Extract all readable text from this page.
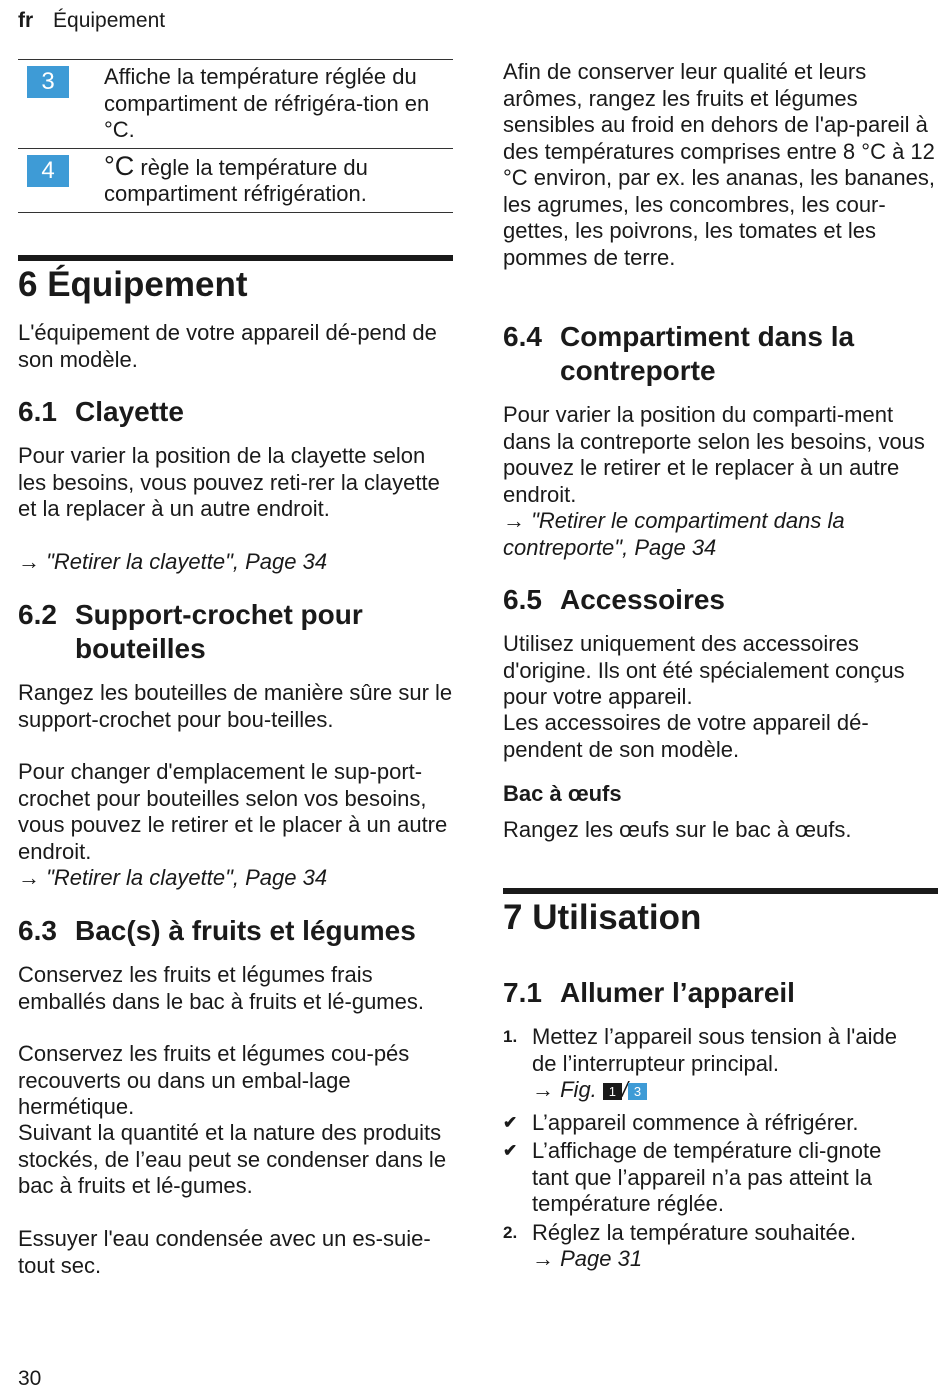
fr Équipement
3	Affiche la température réglée du compartiment de réfrigéra-tion en °C.
4	°C règle la température du compartiment réfrigération.
6 Équipement

L'équipement de votre appareil dé-pend de son modèle.

6.1 Clayette

Pour varier la position de la clayette selon les besoins, vous pouvez reti-rer la clayette et la replacer à un autre endroit.

→ "Retirer la clayette", Page 34

6.2 Support-crochet pour bouteilles

Rangez les bouteilles de manière sûre sur le support-crochet pour bou-teilles.

Pour changer d'emplacement le sup-port-crochet pour bouteilles selon vos besoins, vous pouvez le retirer et le placer à un autre endroit.

→ "Retirer la clayette", Page 34

6.3 Bac(s) à fruits et légumes

Conservez les fruits et légumes frais emballés dans le bac à fruits et lé-gumes.

Conservez les fruits et légumes cou-pés recouverts ou dans un embal-lage hermétique.

Suivant la quantité et la nature des produits stockés, de l’eau peut se condenser dans le bac à fruits et lé-gumes.

Essuyer l'eau condensée avec un es-suie-tout sec.

Afin de conserver leur qualité et leurs arômes, rangez les fruits et légumes sensibles au froid en dehors de l'ap-pareil à des températures comprises entre 8 °C à 12 °C environ, par ex. les ananas, les bananes, les agrumes, les concombres, les cour-gettes, les poivrons, les tomates et les pommes de terre.

6.4 Compartiment dans la contreporte

Pour varier la position du comparti-ment dans la contreporte selon les besoins, vous pouvez le retirer et le replacer à un autre endroit.

→ "Retirer le compartiment dans la contreporte", Page 34

6.5 Accessoires

Utilisez uniquement des accessoires d'origine. Ils ont été spécialement conçus pour votre appareil.

Les accessoires de votre appareil dé-pendent de son modèle.

Bac à œufs

Rangez les œufs sur le bac à œufs.

7 Utilisation
7.1 Allumer l’appareil
1. Mettez l’appareil sous tension à l'aide de l’interrupteur principal.
→ Fig. 1 / 3
✔ L’appareil commence à réfrigérer.
✔ L’affichage de température cli-gnote tant que l’appareil n’a pas atteint la température réglée.
2. Réglez la température souhaitée.
→ Page 31
30
